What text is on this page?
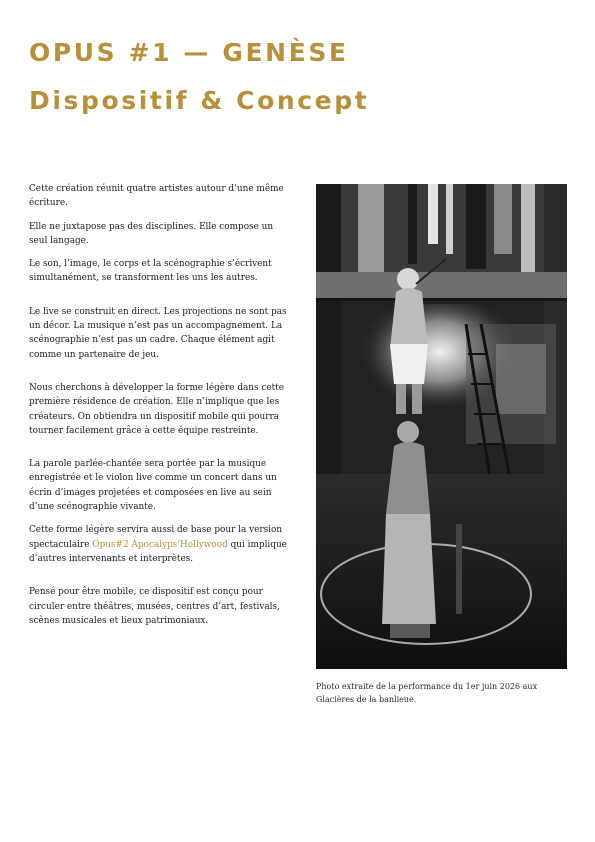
OPUS #1 — GENÈSE
Dispositif & Concept

Cette création réunit quatre artistes autour d’une même écriture.

Elle ne juxtapose pas des disciplines. Elle compose un seul langage.

Le son, l’image, le corps et la scénographie s’écrivent simultanément, se transforment les uns les autres.

Le live se construit en direct. Les projections ne sont pas un décor. La musique n’est pas un accompagnement. La scénographie n’est pas un cadre. Chaque élément agit comme un partenaire de jeu.

Nous cherchons à développer la forme légère dans cette première résidence de création. Elle n’implique que les créateurs. On obtiendra un dispositif mobile qui pourra tourner facilement grâce à cette équipe restreinte.

La parole parlée-chantée sera portée par la musique enregistrée et le violon live comme un concert dans un écrin d’images projetées et composées en live au sein d’une scénographie vivante.

Cette forme légère servira aussi de base pour la version spectaculaire Opus#2 Apocalyps’Hollywood qui implique d’autres intervenants et interprètes.

Pensé pour être mobile, ce dispositif est conçu pour circuler entre théâtres, musées, centres d’art, festivals, scènes musicales et lieux patrimoniaux.

Photo extraite de la performance du 1er juin 2026 aux Glacières de la banlieue.
